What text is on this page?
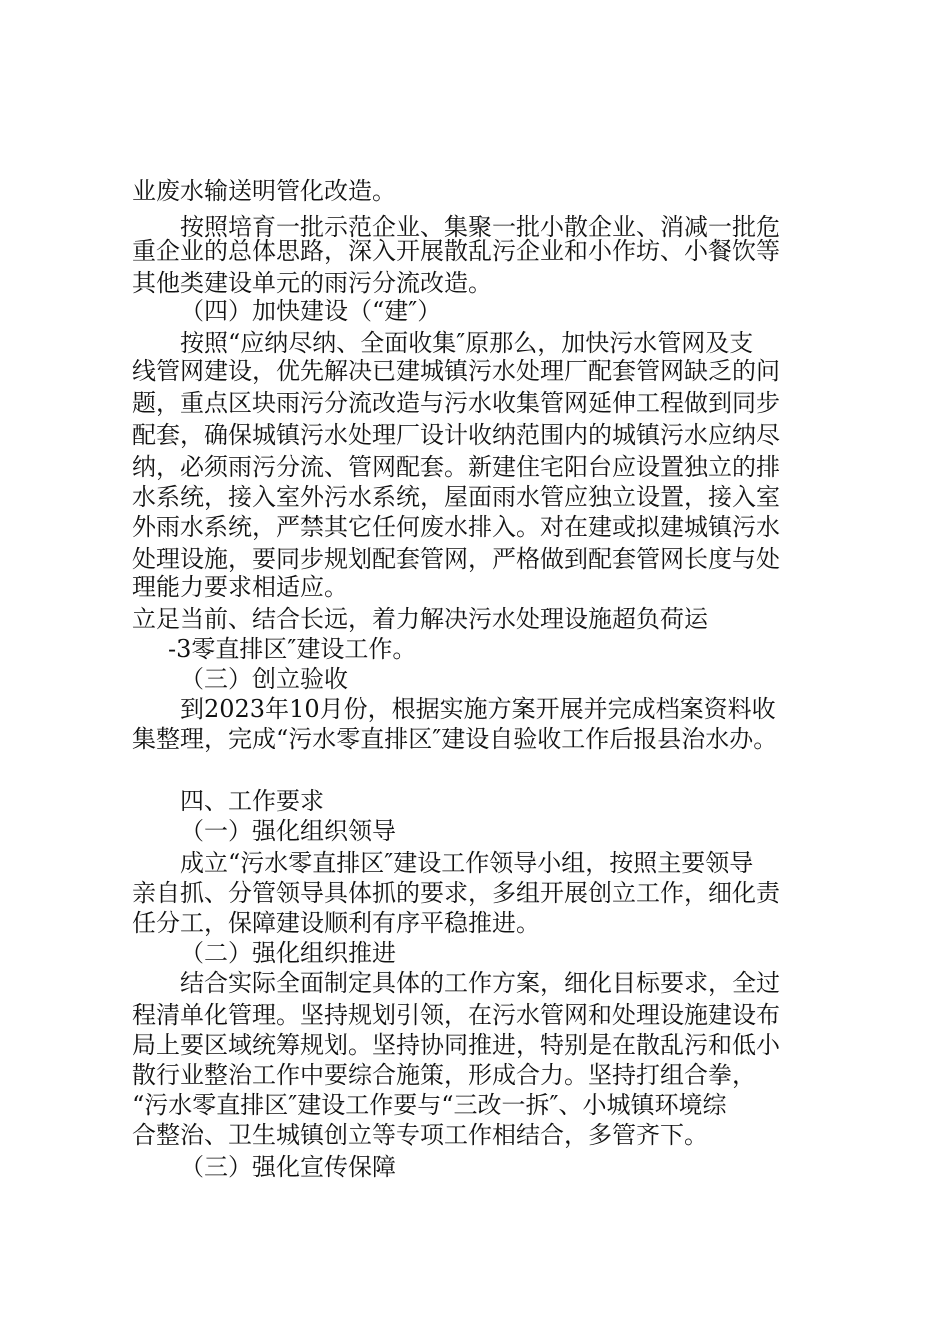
业废水输送明管化改造。
按照培育一批示范企业、集聚一批小散企业、消减一批危
重企业的总体思路，深入开展散乱污企业和小作坊、小餐饮等
其他类建设单元的雨污分流改造。
（四）加快建设（“建″）
按照“应纳尽纳、全面收集″原那么，加快污水管网及支
线管网建设，优先解决已建城镇污水处理厂配套管网缺乏的问
题，重点区块雨污分流改造与污水收集管网延伸工程做到同步
配套，确保城镇污水处理厂设计收纳范围内的城镇污水应纳尽
纳，必须雨污分流、管网配套。新建住宅阳台应设置独立的排
水系统，接入室外污水系统，屋面雨水管应独立设置，接入室
外雨水系统，严禁其它任何废水排入。对在建或拟建城镇污水
处理设施，要同步规划配套管网，严格做到配套管网长度与处
理能力要求相适应。
立足当前、结合长远，着力解决污水处理设施超负荷运
-3零直排区″建设工作。
（三）创立验收
到2023年10月份，根据实施方案开展并完成档案资料收
集整理，完成“污水零直排区″建设自验收工作后报县治水办。
四、工作要求
（一）强化组织领导
成立“污水零直排区″建设工作领导小组，按照主要领导
亲自抓、分管领导具体抓的要求，多组开展创立工作，细化责
任分工，保障建设顺利有序平稳推进。
（二）强化组织推进
结合实际全面制定具体的工作方案，细化目标要求，全过
程清单化管理。坚持规划引领，在污水管网和处理设施建设布
局上要区域统筹规划。坚持协同推进，特别是在散乱污和低小
散行业整治工作中要综合施策，形成合力。坚持打组合拳，
“污水零直排区″建设工作要与“三改一拆″、小城镇环境综
合整治、卫生城镇创立等专项工作相结合，多管齐下。
（三）强化宣传保障
